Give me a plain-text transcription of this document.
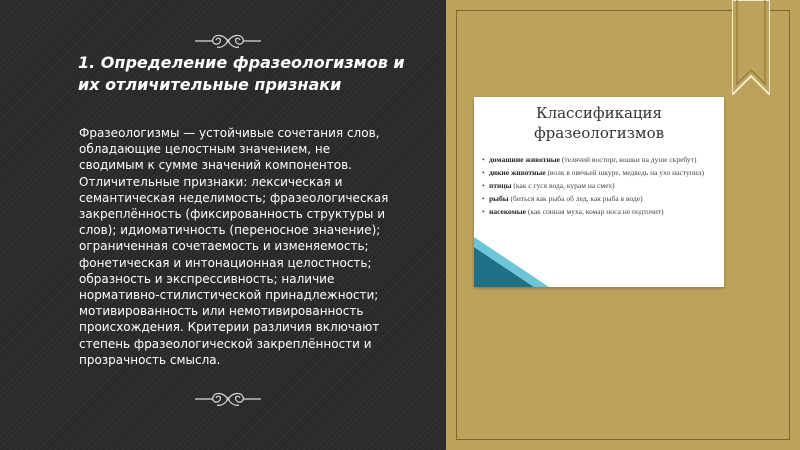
1. Определение фразеологизмов и их отличительные признаки

Фразеологизмы — устойчивые сочетания слов, обладающие целостным значением, не сводимым к сумме значений компонентов. Отличительные признаки: лексическая и семантическая неделимость; фразеологическая закреплённость (фиксированность структуры и слов); идиоматичность (переносное значение); ограниченная сочетаемость и изменяемость; фонетическая и интонационная целостность; образность и экспрессивность; наличие нормативно-стилистической принадлежности; мотивированность или немотивированность происхождения. Критерии различия включают степень фразеологической закреплённости и прозрачность смысла.

Классификация
фразеологизмов
• домашние животные (телячий восторг, кошки на душе скребут)
• дикие животные (волк в овечьей шкуре, медведь на ухо наступил)
• птицы (как с гуся вода, курам на смех)
• рыбы (биться как рыба об лед, как рыба в воде)
• насекомые (как сонная муха, комар носа не подточит)
